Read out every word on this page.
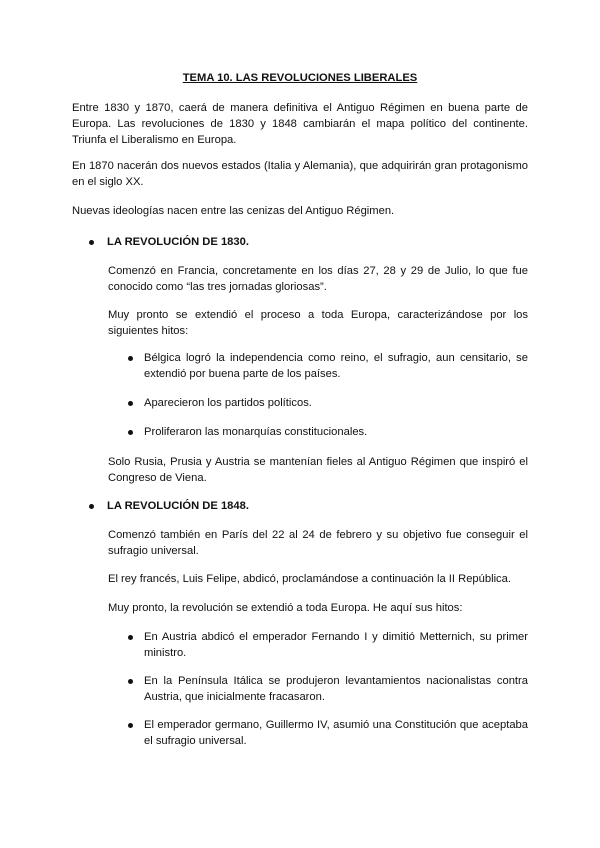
TEMA 10. LAS REVOLUCIONES LIBERALES

Entre 1830 y 1870, caerá de manera definitiva el Antiguo Régimen en buena parte de Europa. Las revoluciones de 1830 y 1848 cambiarán el mapa político del continente. Triunfa el Liberalismo en Europa.

En 1870 nacerán dos nuevos estados (Italia y Alemania), que adquirirán gran protagonismo en el siglo XX.

Nuevas ideologías nacen entre las cenizas del Antiguo Régimen.

LA REVOLUCIÓN DE 1830.

Comenzó en Francia, concretamente en los días 27, 28 y 29 de Julio, lo que fue conocido como “las tres jornadas gloriosas”.

Muy pronto se extendió el proceso a toda Europa, caracterizándose por los siguientes hitos:

Bélgica logró la independencia como reino, el sufragio, aun censitario, se extendió por buena parte de los países.
Aparecieron los partidos políticos.
Proliferaron las monarquías constitucionales.

Solo Rusia, Prusia y Austria se mantenían fieles al Antiguo Régimen que inspiró el Congreso de Viena.

LA REVOLUCIÓN DE 1848.

Comenzó también en París del 22 al 24 de febrero y su objetivo fue conseguir el sufragio universal.

El rey francés, Luis Felipe, abdicó, proclamándose a continuación la II República.

Muy pronto, la revolución se extendió a toda Europa. He aquí sus hitos:

En Austria abdicó el emperador Fernando I y dimitió Metternich, su primer ministro.
En la Península Itálica se produjeron levantamientos nacionalistas contra Austria, que inicialmente fracasaron.
El emperador germano, Guillermo IV, asumió una Constitución que aceptaba el sufragio universal.
